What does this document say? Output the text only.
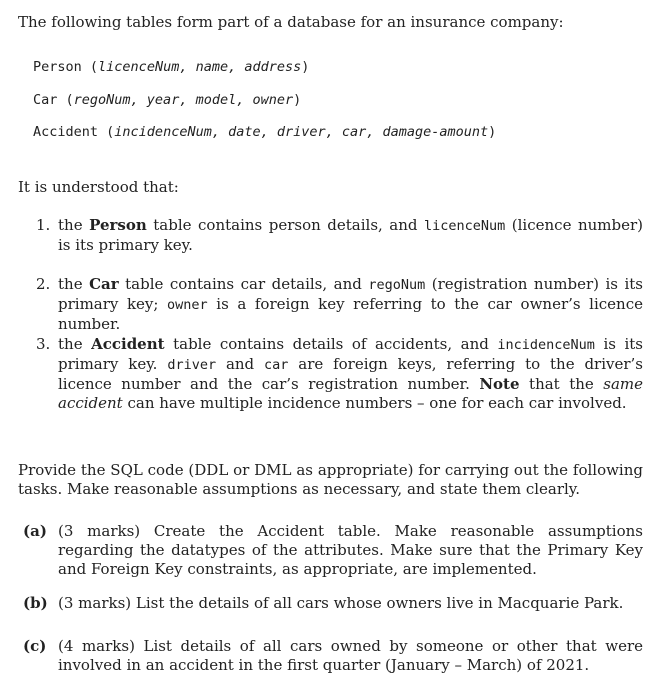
The following tables form part of a database for an insurance company:

Person (licenceNum, name, address)
Car (regoNum, year, model, owner)
Accident (incidenceNum, date, driver, car, damage-amount)

It is understood that:

1. the Person table contains person details, and licenceNum (licence number) is its primary key.
2. the Car table contains car details, and regoNum (registration number) is its primary key; owner is a foreign key referring to the car owner’s licence number.
3. the Accident table contains details of accidents, and incidenceNum is its primary key. driver and car are foreign keys, referring to the driver’s licence number and the car’s registration number. Note that the same accident can have multiple incidence numbers – one for each car involved.

Provide the SQL code (DDL or DML as appropriate) for carrying out the following tasks. Make reasonable assumptions as necessary, and state them clearly.

(a) (3 marks) Create the Accident table. Make reasonable assumptions regarding the datatypes of the attributes. Make sure that the Primary Key and Foreign Key constraints, as appropriate, are implemented.
(b) (3 marks) List the details of all cars whose owners live in Macquarie Park.
(c) (4 marks) List details of all cars owned by someone or other that were involved in an accident in the first quarter (January – March) of 2021.
